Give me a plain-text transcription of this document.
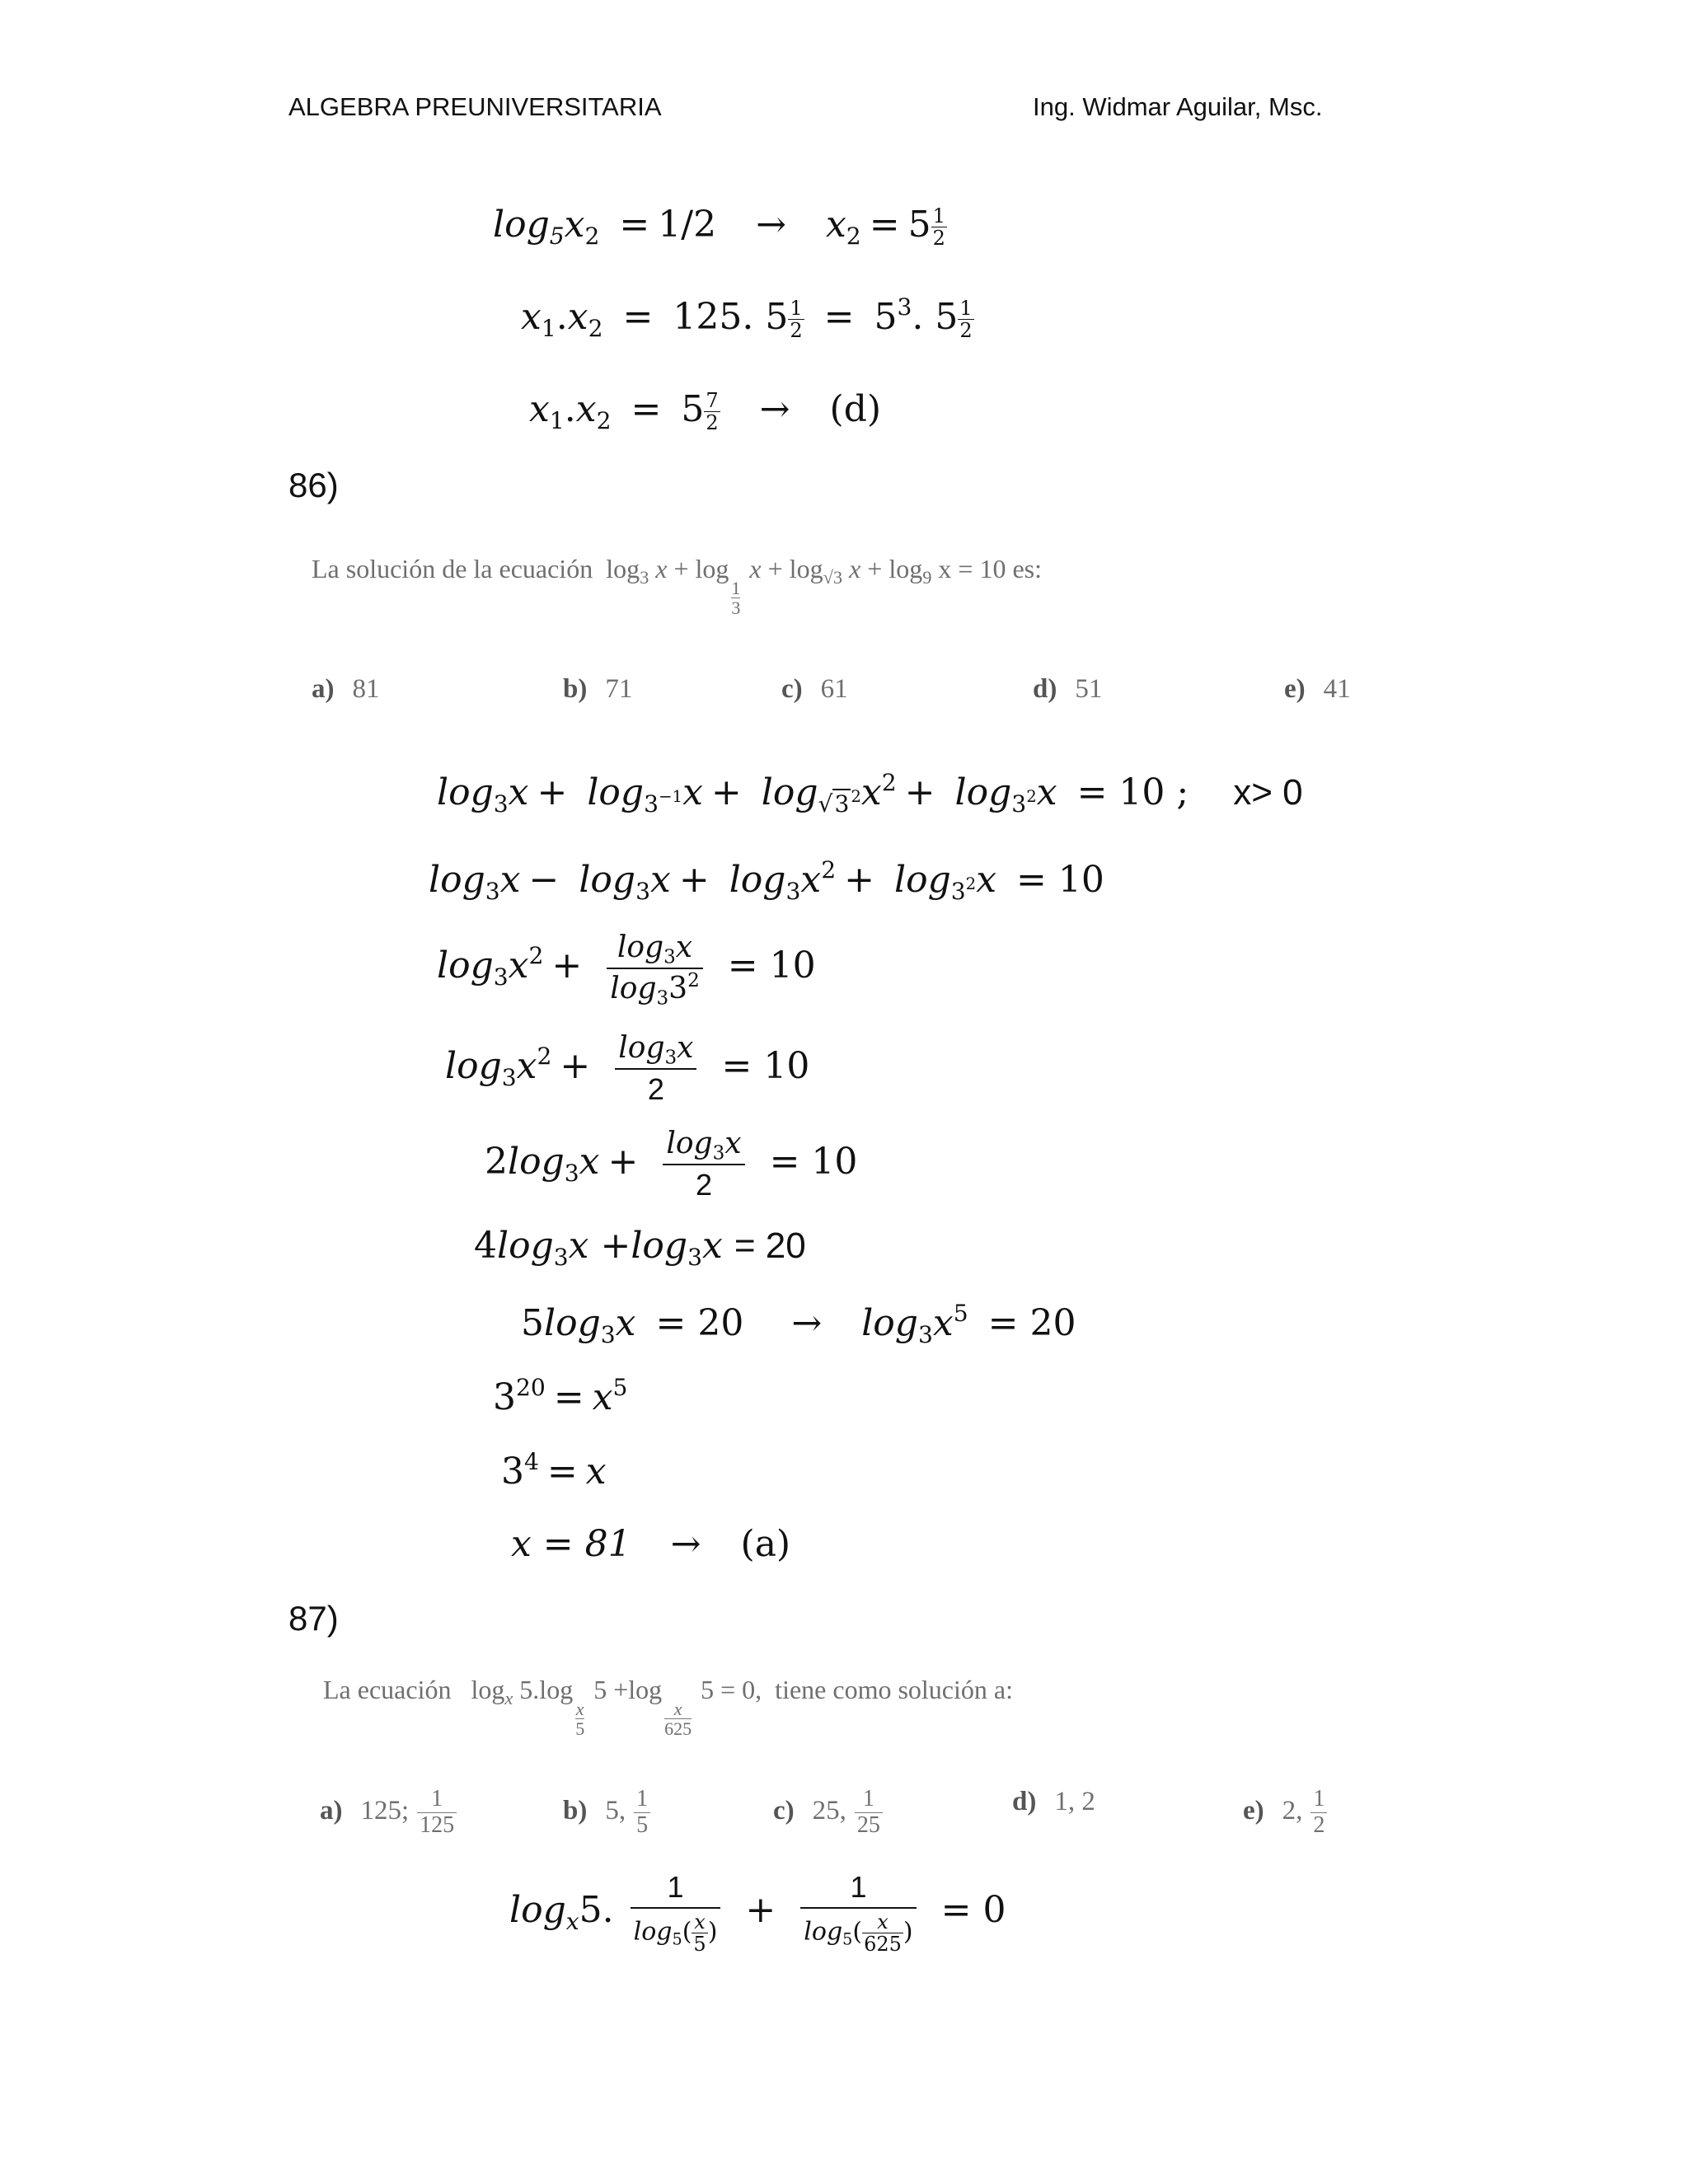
ALGEBRA PREUNIVERSITARIA	Ing. Widmar Aguilar, Msc.
$\log_5x_2 = 1/2 \to x_2 = 5 \frac{1}{2}$
$x_1.x_2 = 125$. $5 \frac{1}{2} = 5^3$. $5 \frac{1}{2}$
$x_1.x_2 = 5 \frac{7}{2} \to (d)$
86)
La solución de la ecuación $\log_3 x + \log$
$\frac{1}{3}$
$x + \log_{√3} x + \log_9 x = 10$ es:
a) 81	b) 71	c) 61	d) 51	e) 41
$\log_3x + \log_{3^{-1}}x + \log_{√3 ^2}x^2 + \log_{3^2}x = 10$ ; x> 0
$\log_3x - \log_3x + \log_3x^2 + \log_{3^2}x = 10$
$\log_3x^2 + \frac{\log_3x}{\log_33^2} = 10$
$\log_3x^2 + \frac{\log_3x}{2} = 10$
$2\log_3x + \frac{\log_3x}{2} = 10$
$4\log_3x +\log_3x = 20$
$5\log_3x = 20 \to \log_3x^5 = 20$
$3^{20} = x^5$
$3^4 = x$
x = 81 → (a)
87)
La ecuación $\log_x 5.\log$
$\frac{x}{5}$
5 +log
$\frac{x}{625}$
5 = 0,  tiene como solución a:
a) 125; $\frac{1}{125}$	b) 5, $\frac{1}{5}$	c) 25, $\frac{1}{25}$	d) 1, 2	e) 2, $\frac{1}{2}$
$\log_x5$. $\frac{1}{\log_5( \frac{x}{5} )} + \frac{1}{\log_5( \frac{x}{625} )} = 0$
